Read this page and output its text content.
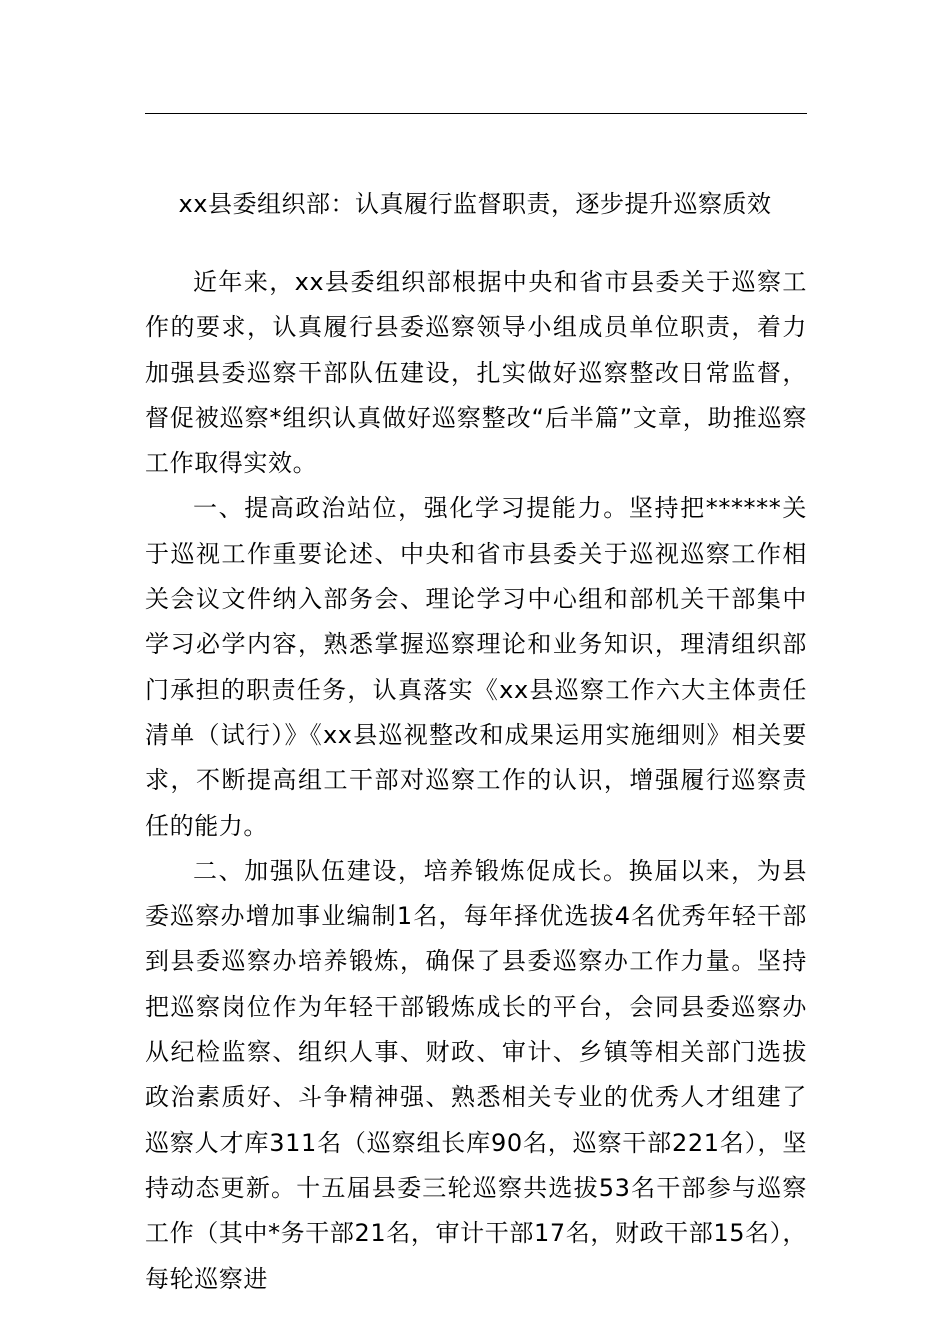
xx县委组织部：认真履行监督职责，逐步提升巡察质效

近年来，xx县委组织部根据中央和省市县委关于巡察工作的要求，认真履行县委巡察领导小组成员单位职责，着力加强县委巡察干部队伍建设，扎实做好巡察整改日常监督，督促被巡察*组织认真做好巡察整改“后半篇”文章，助推巡察工作取得实效。

一、提高政治站位，强化学习提能力。坚持把******关于巡视工作重要论述、中央和省市县委关于巡视巡察工作相关会议文件纳入部务会、理论学习中心组和部机关干部集中学习必学内容，熟悉掌握巡察理论和业务知识，理清组织部门承担的职责任务，认真落实《xx县巡察工作六大主体责任清单（试行）》《xx县巡视整改和成果运用实施细则》相关要求，不断提高组工干部对巡察工作的认识，增强履行巡察责任的能力。

二、加强队伍建设，培养锻炼促成长。换届以来，为县委巡察办增加事业编制1名，每年择优选拔4名优秀年轻干部到县委巡察办培养锻炼，确保了县委巡察办工作力量。坚持把巡察岗位作为年轻干部锻炼成长的平台，会同县委巡察办从纪检监察、组织人事、财政、审计、乡镇等相关部门选拔政治素质好、斗争精神强、熟悉相关专业的优秀人才组建了巡察人才库311名（巡察组长库90名，巡察干部221名），坚持动态更新。十五届县委三轮巡察共选拔53名干部参与巡察工作（其中*务干部21名，审计干部17名，财政干部15名），每轮巡察进
